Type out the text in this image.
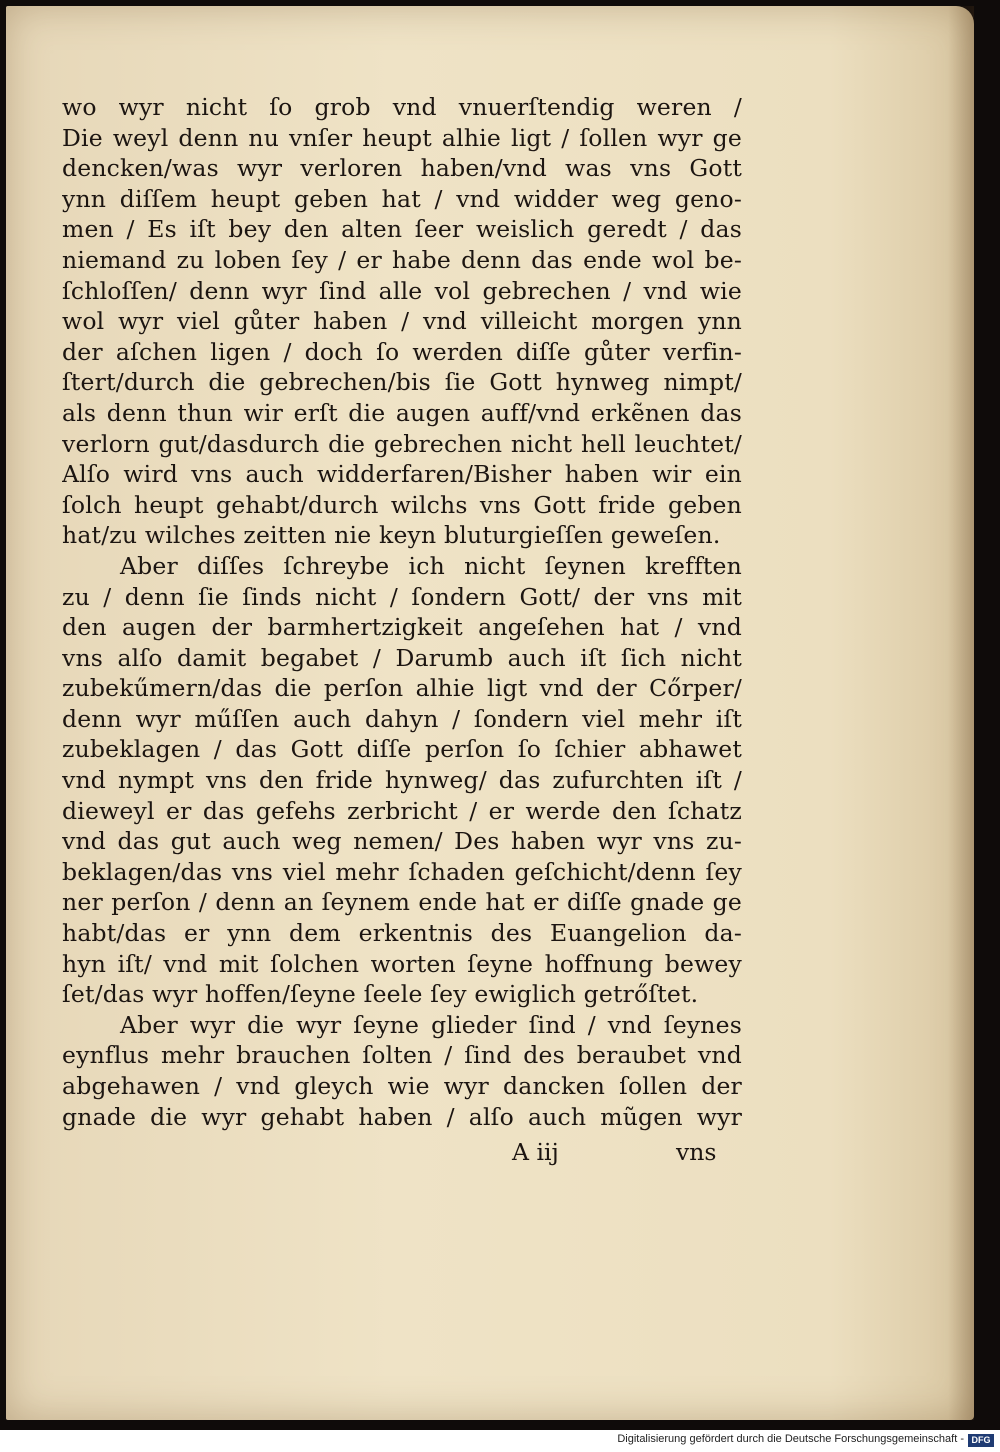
wo wyr nicht ſo grob vnd vnuerſtendig weren /
Die weyl denn nu vnſer heupt alhie ligt / ſollen wyr ge
dencken/was wyr verloren haben/vnd was vns Gott
ynn diſſem heupt geben hat / vnd widder weg geno-
men / Es iſt bey den alten ſeer weislich geredt / das
niemand zu loben ſey / er habe denn das ende wol be-
ſchloſſen/ denn wyr ſind alle vol gebrechen / vnd wie
wol wyr viel gůter haben / vnd villeicht morgen ynn
der aſchen ligen / doch ſo werden diſſe gůter verfin-
ſtert/durch die gebrechen/bis ſie Gott hynweg nimpt/
als denn thun wir erſt die augen auff/vnd erkẽnen das
verlorn gut/dasdurch die gebrechen nicht hell leuchtet/
Alſo wird vns auch widderfaren/Bisher haben wir ein
ſolch heupt gehabt/durch wilchs vns Gott fride geben
hat/zu wilches zeitten nie keyn bluturgieſſen geweſen.
Aber diſſes ſchreybe ich nicht ſeynen krefften
zu / denn ſie ſinds nicht / ſondern Gott/ der vns mit
den augen der barmhertzigkeit angeſehen hat / vnd
vns alſo damit begabet / Darumb auch iſt ſich nicht
zubekűmern/das die perſon alhie ligt vnd der Cőrper/
denn wyr műſſen auch dahyn / ſondern viel mehr iſt
zubeklagen / das Gott diſſe perſon ſo ſchier abhawet
vnd nympt vns den fride hynweg/ das zufurchten iſt /
dieweyl er das gefehs zerbricht / er werde den ſchatz
vnd das gut auch weg nemen/ Des haben wyr vns zu-
beklagen/das vns viel mehr ſchaden geſchicht/denn ſey
ner perſon / denn an ſeynem ende hat er diſſe gnade ge
habt/das er ynn dem erkentnis des Euangelion da-
hyn iſt/ vnd mit ſolchen worten ſeyne hoffnung bewey
ſet/das wyr hoffen/ſeyne ſeele ſey ewiglich getrőſtet.
Aber wyr die wyr ſeyne glieder ſind / vnd ſeynes
eynflus mehr brauchen ſolten / ſind des beraubet vnd
abgehawen / vnd gleych wie wyr dancken ſollen der
gnade die wyr gehabt haben / alſo auch mũgen wyr
A iij	vns
Digitalisierung gefördert durch die Deutsche Forschungsgemeinschaft - DFG
